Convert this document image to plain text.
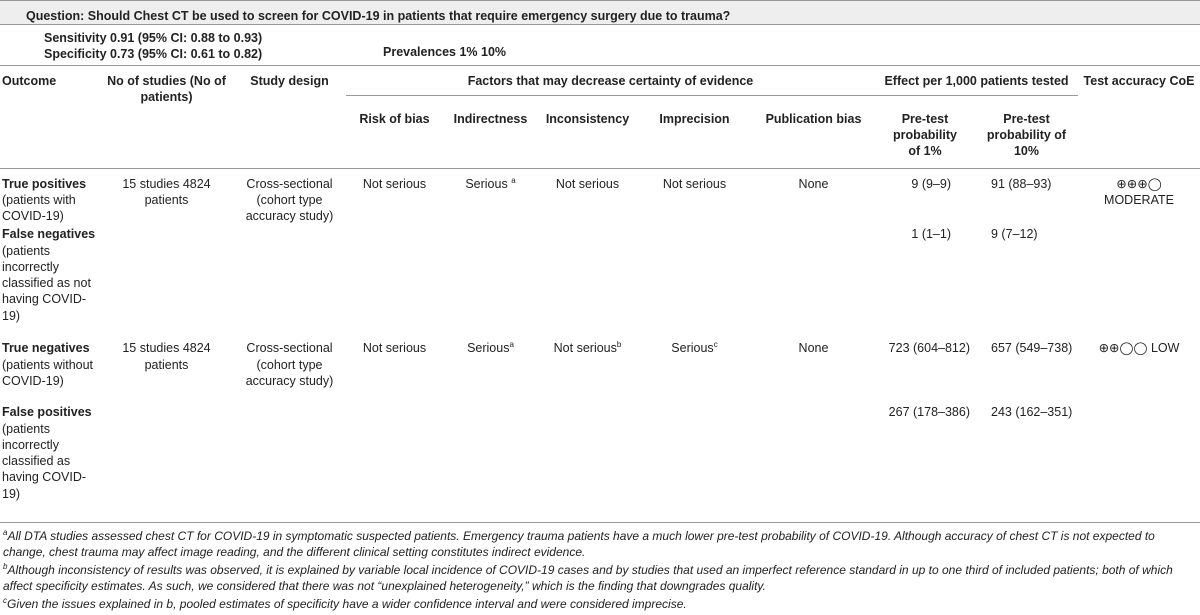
Question: Should Chest CT be used to screen for COVID-19 in patients that require emergency surgery due to trauma?
Sensitivity 0.91 (95% CI: 0.88 to 0.93)
Specificity 0.73 (95% CI: 0.61 to 0.82)	Prevalences 1% 10%
Outcome	No of studies (No of patients)	Study design	Factors that may decrease certainty of evidence					Effect per 1,000 patients tested		Test accuracy CoE
			Risk of bias	Indirectness	Inconsistency	Imprecision	Publication bias	Pre-test probability of 1%	Pre-test probability of 10%	

True positives
(patients with COVID-19)	15 studies 4824 patients	Cross-sectional (cohort type accuracy study)	Not serious	Serious $^a$	Not serious	Not serious	None	9 (9–9)	91 (88–93)	⊕⊕⊕◯ MODERATE

False negatives
(patients incorrectly classified as not having COVID-19)								1 (1–1)	9 (7–12)	

True negatives
(patients without COVID-19)	15 studies 4824 patients	Cross-sectional (cohort type accuracy study)	Not serious	Serious$^a$	Not serious$^b$	Serious$^c$	None	723 (604–812)	657 (549–738)	⊕⊕◯◯ LOW

False positives
(patients incorrectly classified as having COVID-19)								267 (178–386)	243 (162–351)	

$^a$All DTA studies assessed chest CT for COVID-19 in symptomatic suspected patients. Emergency trauma patients have a much lower pre-test probability of COVID-19. Although accuracy of chest CT is not expected to change, chest trauma may affect image reading, and the different clinical setting constitutes indirect evidence.

$^b$Although inconsistency of results was observed, it is explained by variable local incidence of COVID-19 cases and by studies that used an imperfect reference standard in up to one third of included patients; both of which affect specificity estimates. As such, we considered that there was not “unexplained heterogeneity,” which is the finding that downgrades quality.

$^c$Given the issues explained in b, pooled estimates of specificity have a wider confidence interval and were considered imprecise.
